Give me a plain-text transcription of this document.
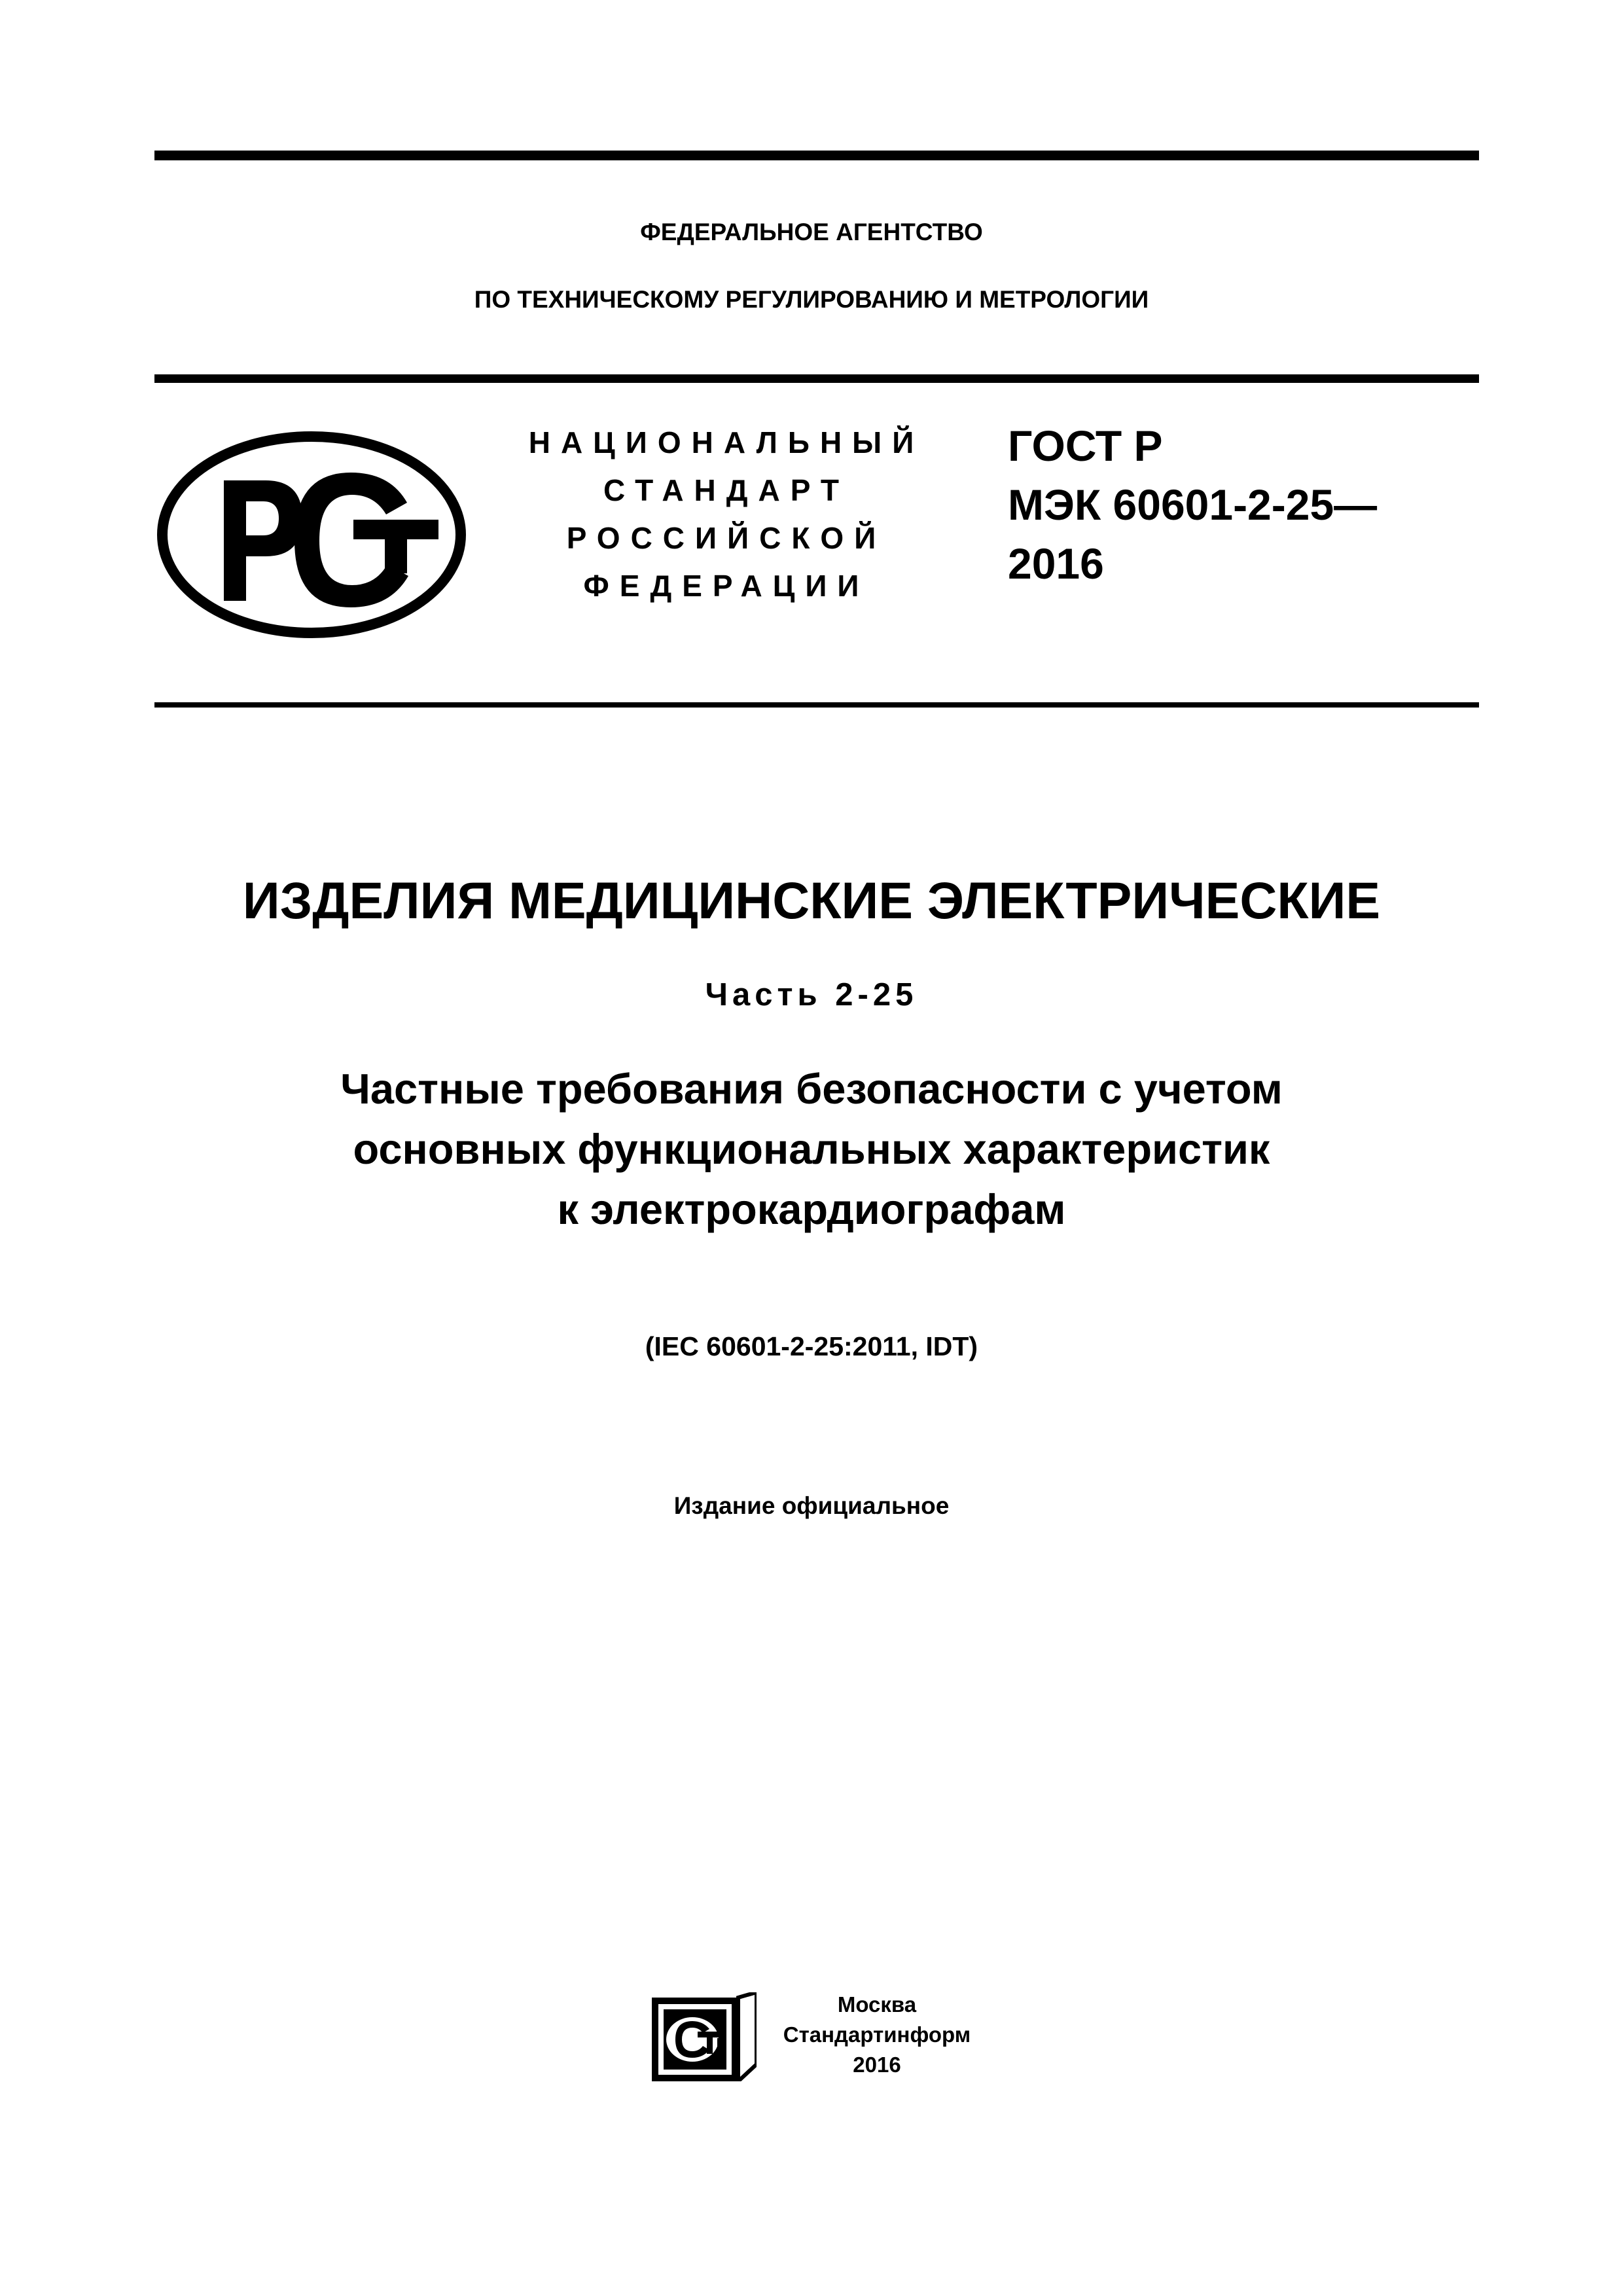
ФЕДЕРАЛЬНОЕ АГЕНТСТВО
ПО ТЕХНИЧЕСКОМУ РЕГУЛИРОВАНИЮ И МЕТРОЛОГИИ
НАЦИОНАЛЬНЫЙ
СТАНДАРТ
РОССИЙСКОЙ
ФЕДЕРАЦИИ
ГОСТ Р
МЭК 60601-2-25—
2016
ИЗДЕЛИЯ МЕДИЦИНСКИЕ ЭЛЕКТРИЧЕСКИЕ
Часть 2-25
Частные требования безопасности с учетом
основных функциональных характеристик
к электрокардиографам
(IEC 60601-2-25:2011, IDT)
Издание официальное
Москва
Стандартинформ
2016
